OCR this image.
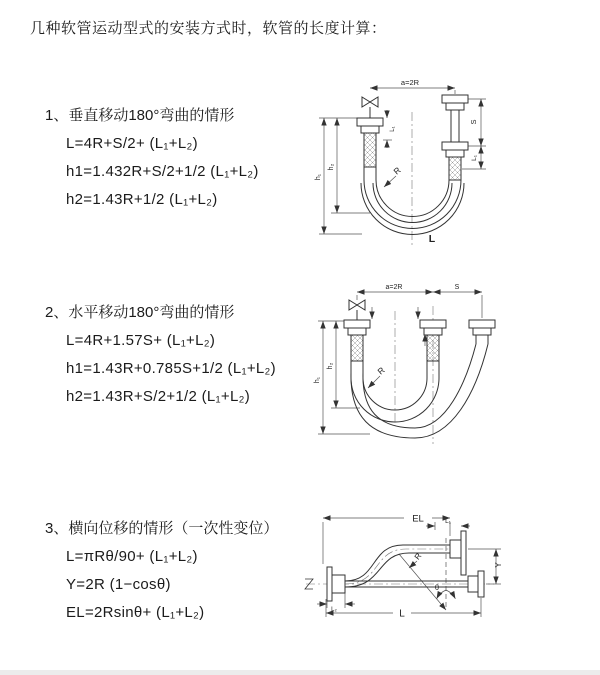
几种软管运动型式的安装方式时，软管的长度计算：
1、垂直移动180°弯曲的情形
L=4R+S/2+ (L₁+L₂)
h1=1.432R+S/2+1/2 (L₁+L₂)
h2=1.43R+1/2 (L₁+L₂)
2、水平移动180°弯曲的情形
L=4R+1.57S+ (L₁+L₂)
h1=1.43R+0.785S+1/2 (L₁+L₂)
h2=1.43R+S/2+1/2 (L₁+L₂)
3、横向位移的情形（一次性变位）
L=πRθ/90+ (L₁+L₂)
Y=2R (1−cosθ)
EL=2Rsinθ+ (L₁+L₂)
a=2R
S
L₁
L₁
h₁
h₂	R
L
a=2R	S
h₁
h₂	R
EL	L₁
Y
L
L₂
R
θ
